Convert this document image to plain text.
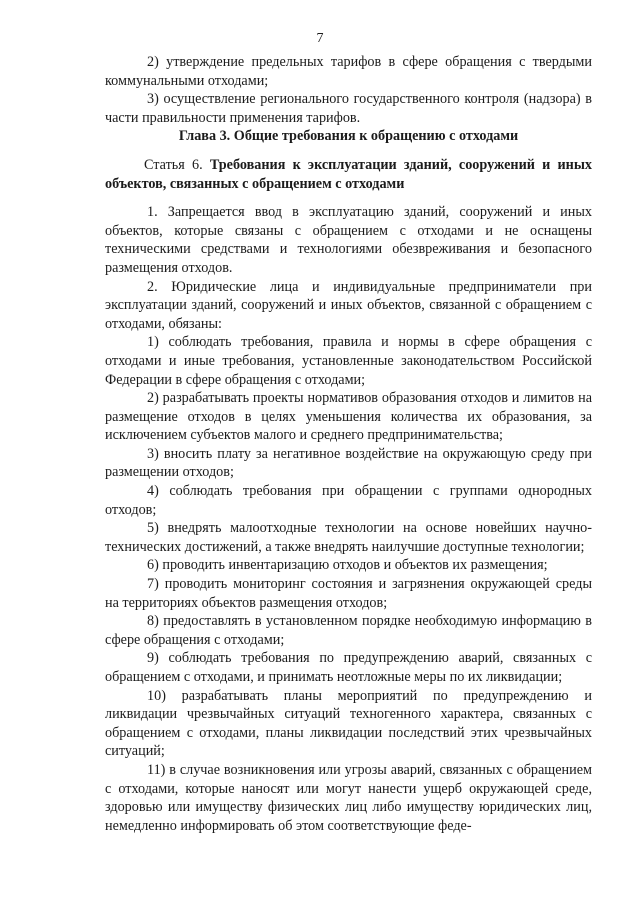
7

2) утверждение предельных тарифов в сфере обращения с твердыми коммунальными отходами;

3) осуществление регионального государственного контроля (надзора) в части правильности применения тарифов.

Глава 3. Общие требования к обращению с отходами

Статья 6. Требования к эксплуатации зданий, сооружений и иных объектов, связанных с обращением с отходами

1. Запрещается ввод в эксплуатацию зданий, сооружений и иных объектов, которые связаны с обращением с отходами и не оснащены техническими средствами и технологиями обезвреживания и безопасного размещения отходов.

2. Юридические лица и индивидуальные предприниматели при эксплуатации зданий, сооружений и иных объектов, связанной с обращением с отходами, обязаны:

1) соблюдать требования, правила и нормы в сфере обращения с отходами и иные требования, установленные законодательством Российской Федерации в сфере обращения с отходами;

2) разрабатывать проекты нормативов образования отходов и лимитов на размещение отходов в целях уменьшения количества их образования, за исключением субъектов малого и среднего предпринимательства;

3) вносить плату за негативное воздействие на окружающую среду при размещении отходов;

4) соблюдать требования при обращении с группами однородных отходов;

5) внедрять малоотходные технологии на основе новейших научно-технических достижений, а также внедрять наилучшие доступные технологии;

6) проводить инвентаризацию отходов и объектов их размещения;

7) проводить мониторинг состояния и загрязнения окружающей среды на территориях объектов размещения отходов;

8) предоставлять в установленном порядке необходимую информацию в сфере обращения с отходами;

9) соблюдать требования по предупреждению аварий, связанных с обращением с отходами, и принимать неотложные меры по их ликвидации;

10) разрабатывать планы мероприятий по предупреждению и ликвидации чрезвычайных ситуаций техногенного характера, связанных с обращением с отходами, планы ликвидации последствий этих чрезвычайных ситуаций;

11) в случае возникновения или угрозы аварий, связанных с обращением с отходами, которые наносят или могут нанести ущерб окружающей среде, здоровью или имуществу физических лиц либо имуществу юридических лиц, немедленно информировать об этом соответствующие феде-
